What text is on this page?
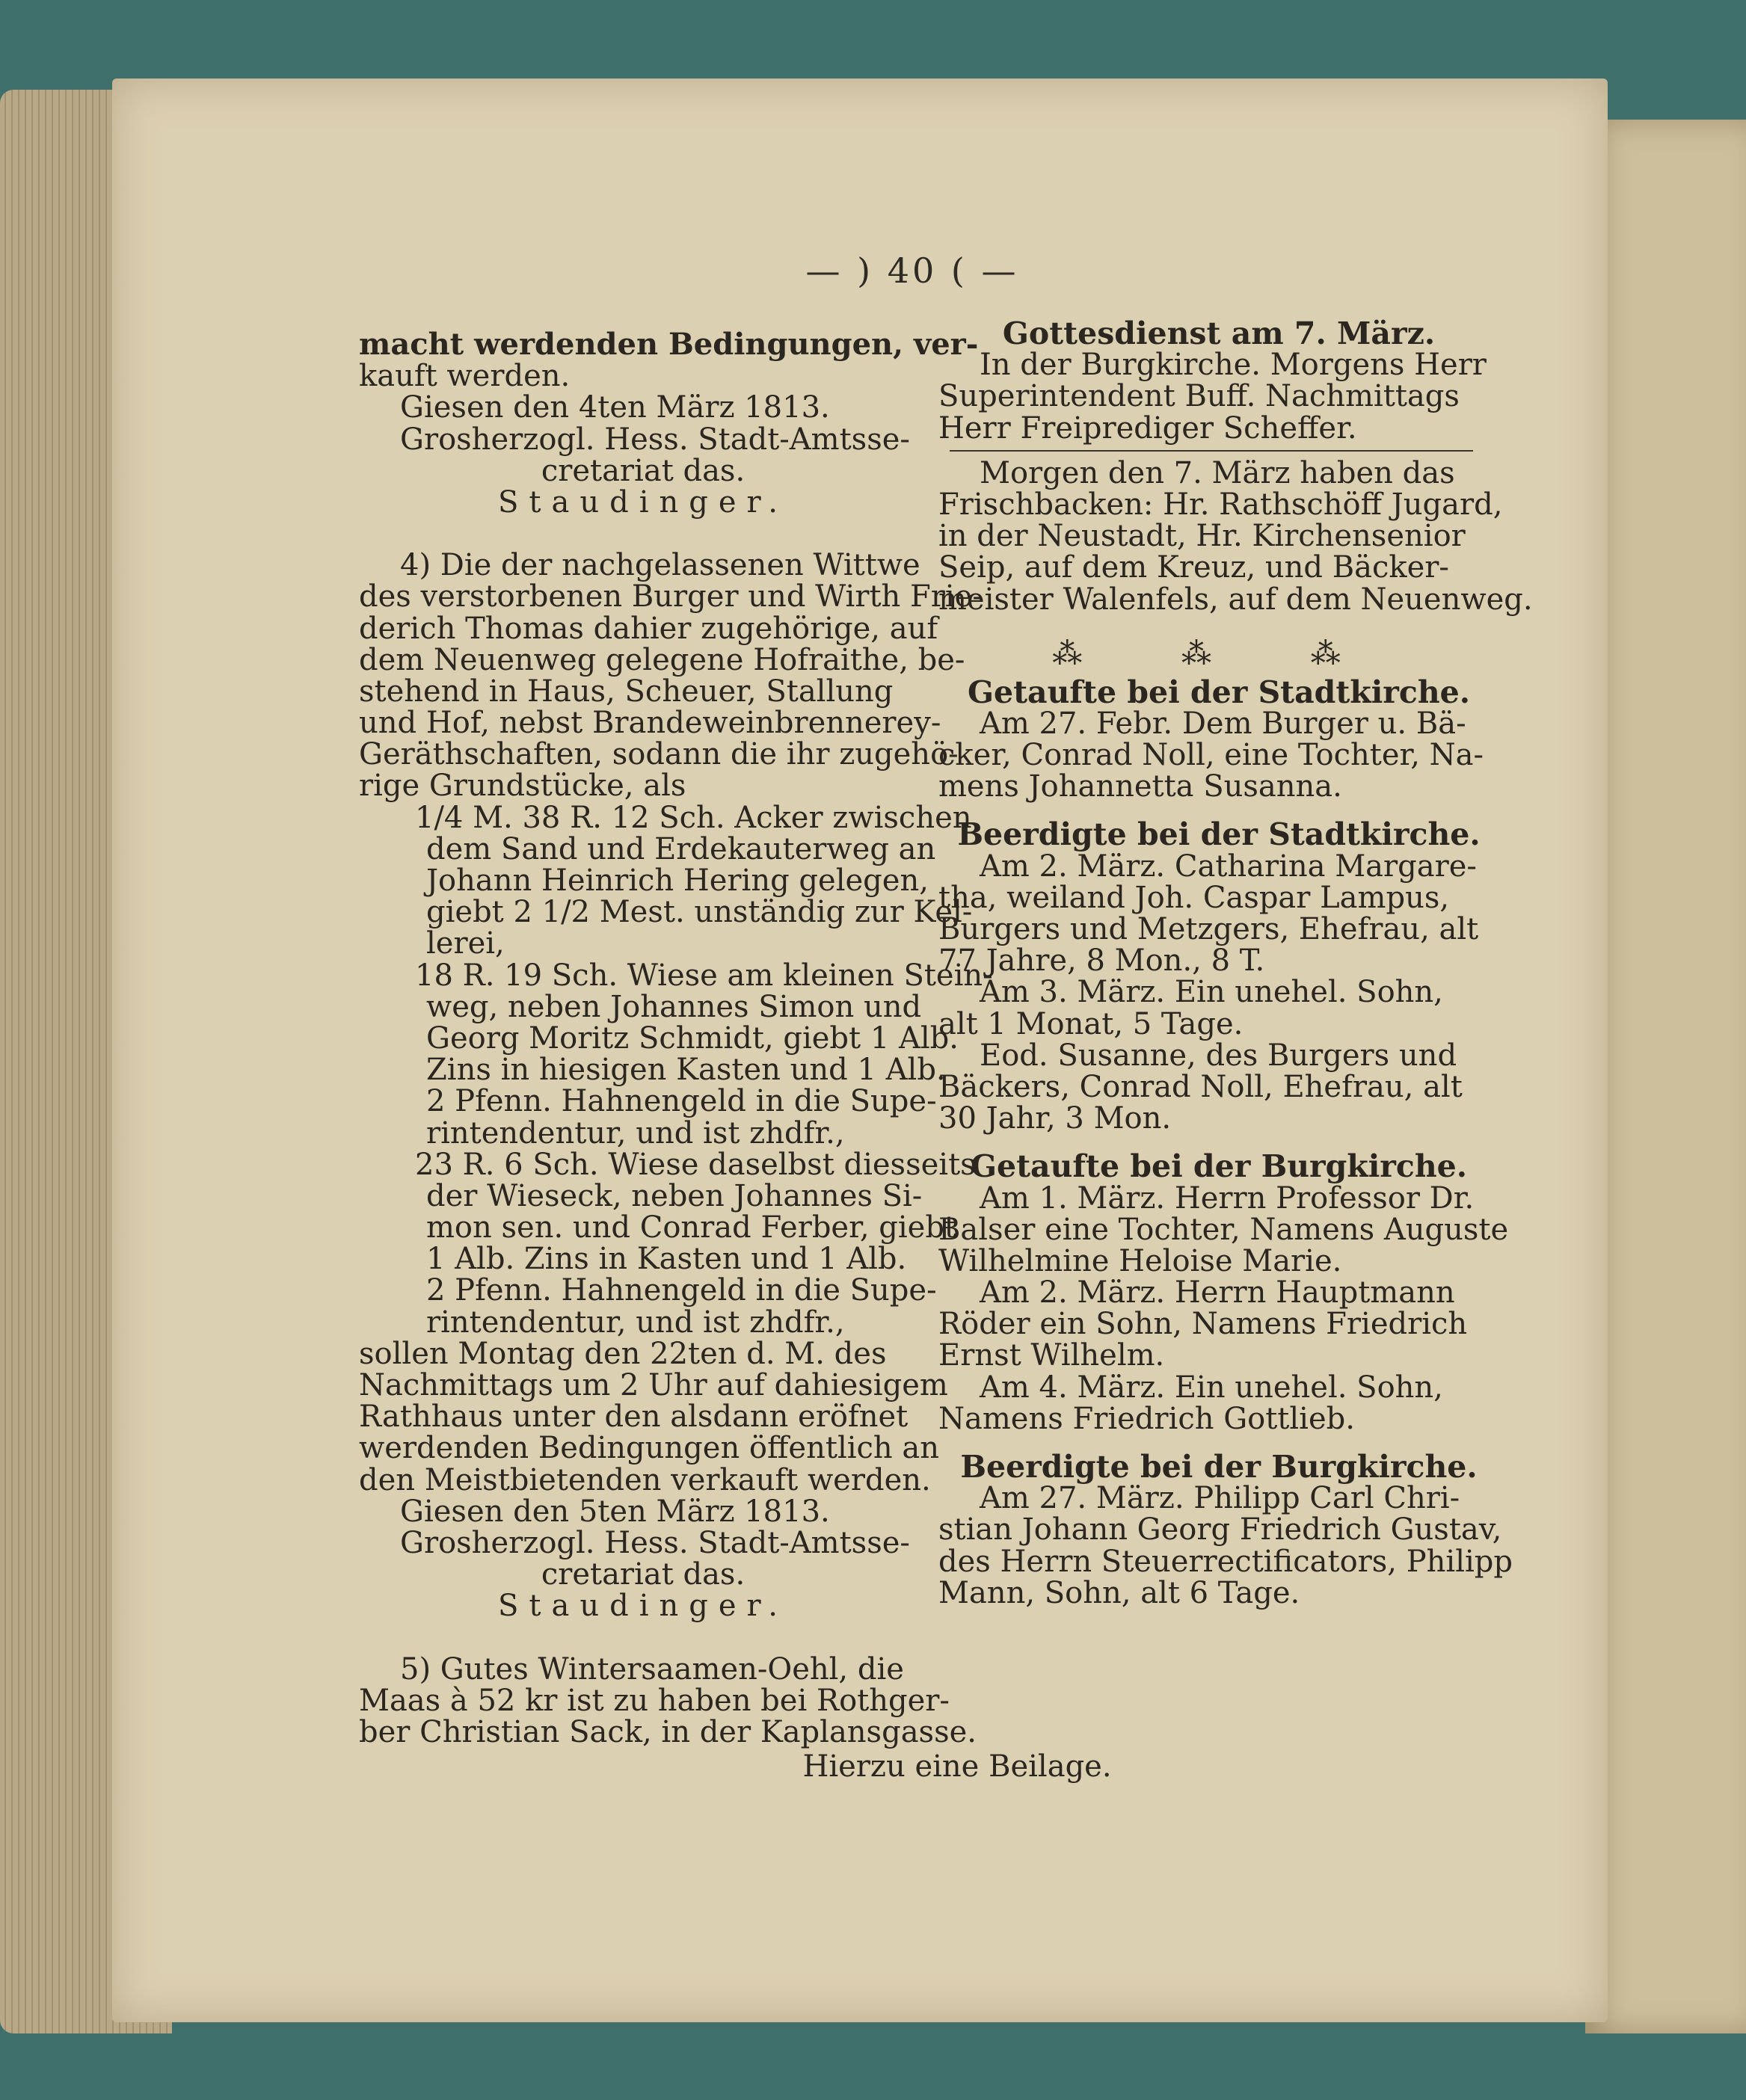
— ) 40 ( —
macht werdenden Bedingungen, ver-
kauft werden.
Giesen den 4ten März 1813.
Grosherzogl. Hess. Stadt-Amtsse-
cretariat das.
Staudinger.
4) Die der nachgelassenen Wittwe
des verstorbenen Burger und Wirth Frie-
derich Thomas dahier zugehörige, auf
dem Neuenweg gelegene Hofraithe, be-
stehend in Haus, Scheuer, Stallung
und Hof, nebst Brandeweinbrennerey-
Geräthschaften, sodann die ihr zugehö-
rige Grundstücke, als
1/4 M. 38 R. 12 Sch. Acker zwischen
dem Sand und Erdekauterweg an
Johann Heinrich Hering gelegen,
giebt 2 1/2 Mest. unständig zur Kel-
lerei,
18 R. 19 Sch. Wiese am kleinen Stein-
weg, neben Johannes Simon und
Georg Moritz Schmidt, giebt 1 Alb.
Zins in hiesigen Kasten und 1 Alb.
2 Pfenn. Hahnengeld in die Supe-
rintendentur, und ist zhdfr.,
23 R. 6 Sch. Wiese daselbst diesseits
der Wieseck, neben Johannes Si-
mon sen. und Conrad Ferber, giebt
1 Alb. Zins in Kasten und 1 Alb.
2 Pfenn. Hahnengeld in die Supe-
rintendentur, und ist zhdfr.,
sollen Montag den 22ten d. M. des
Nachmittags um 2 Uhr auf dahiesigem
Rathhaus unter den alsdann eröfnet
werdenden Bedingungen öffentlich an
den Meistbietenden verkauft werden.
Giesen den 5ten März 1813.
Grosherzogl. Hess. Stadt-Amtsse-
cretariat das.
Staudinger.
5) Gutes Wintersaamen-Oehl, die
Maas à 52 kr ist zu haben bei Rothger-
ber Christian Sack, in der Kaplansgasse.
Gottesdienst am 7. März.
In der Burgkirche. Morgens Herr
Superintendent Buff. Nachmittags
Herr Freiprediger Scheffer.
Morgen den 7. März haben das
Frischbacken: Hr. Rathschöff Jugard,
in der Neustadt, Hr. Kirchensenior
Seip, auf dem Kreuz, und Bäcker-
meister Walenfels, auf dem Neuenweg.
⁂ ⁂ ⁂
Getaufte bei der Stadtkirche.
Am 27. Febr. Dem Burger u. Bä-
cker, Conrad Noll, eine Tochter, Na-
mens Johannetta Susanna.
Beerdigte bei der Stadtkirche.
Am 2. März. Catharina Margare-
tha, weiland Joh. Caspar Lampus,
Burgers und Metzgers, Ehefrau, alt
77 Jahre, 8 Mon., 8 T.
Am 3. März. Ein unehel. Sohn,
alt 1 Monat, 5 Tage.
Eod. Susanne, des Burgers und
Bäckers, Conrad Noll, Ehefrau, alt
30 Jahr, 3 Mon.
Getaufte bei der Burgkirche.
Am 1. März. Herrn Professor Dr.
Balser eine Tochter, Namens Auguste
Wilhelmine Heloise Marie.
Am 2. März. Herrn Hauptmann
Röder ein Sohn, Namens Friedrich
Ernst Wilhelm.
Am 4. März. Ein unehel. Sohn,
Namens Friedrich Gottlieb.
Beerdigte bei der Burgkirche.
Am 27. März. Philipp Carl Chri-
stian Johann Georg Friedrich Gustav,
des Herrn Steuerrectificators, Philipp
Mann, Sohn, alt 6 Tage.
Hierzu eine Beilage.
